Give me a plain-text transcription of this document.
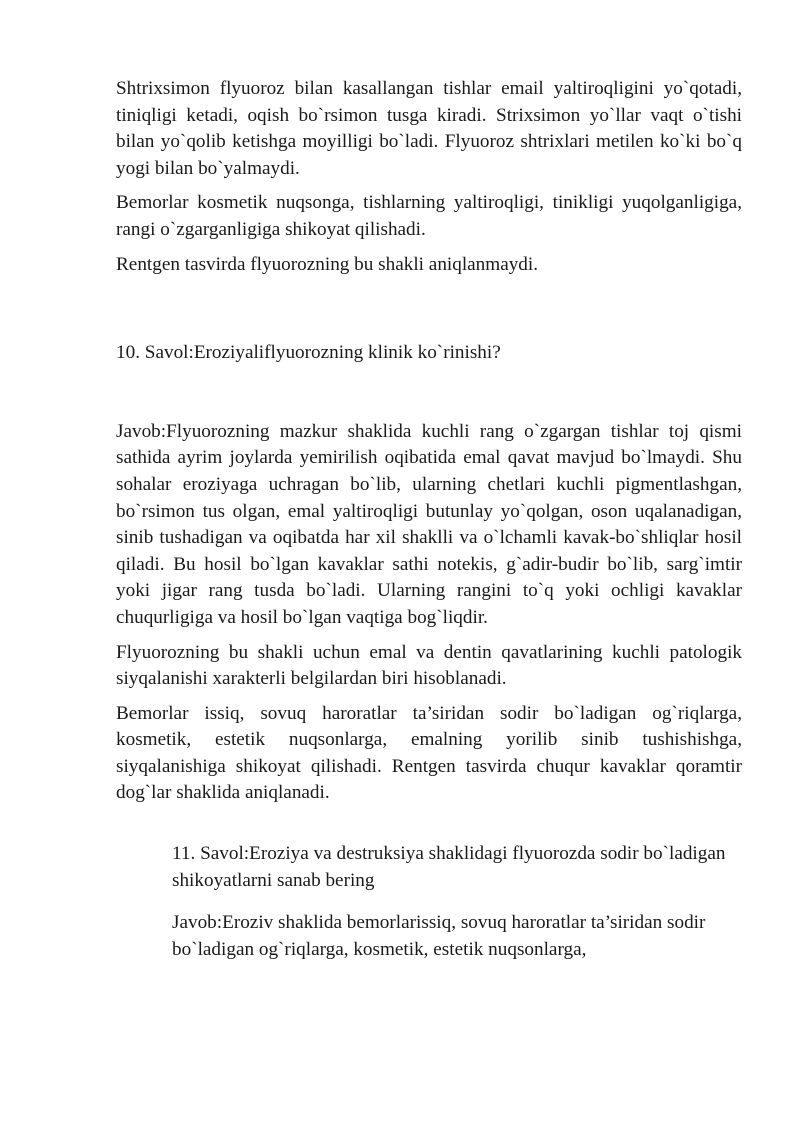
Shtrixsimon flyuoroz bilan kasallangan tishlar email yaltiroqligini yo`qotadi, tiniqligi ketadi, oqish bo`rsimon tusga kiradi. Strixsimon yo`llar vaqt o`tishi bilan yo`qolib ketishga moyilligi bo`ladi. Flyuoroz shtrixlari metilen ko`ki bo`q yogi bilan bo`yalmaydi.

Bemorlar kosmetik nuqsonga, tishlarning yaltiroqligi, tinikligi yuqolganligiga, rangi o`zgarganligiga shikoyat qilishadi.

Rentgen tasvirda flyuorozning bu shakli aniqlanmaydi.

10. Savol:Eroziyaliflyuorozning klinik ko`rinishi?

Javob:Flyuorozning mazkur shaklida kuchli rang o`zgargan tishlar toj qismi sathida ayrim joylarda yemirilish oqibatida emal qavat mavjud bo`lmaydi. Shu sohalar eroziyaga uchragan bo`lib, ularning chetlari kuchli pigmentlashgan, bo`rsimon tus olgan, emal yaltiroqligi butunlay yo`qolgan, oson uqalanadigan, sinib tushadigan va oqibatda har xil shaklli va o`lchamli kavak-bo`shliqlar hosil qiladi. Bu hosil bo`lgan kavaklar sathi notekis, g`adir-budir bo`lib, sarg`imtir yoki jigar rang tusda bo`ladi. Ularning rangini to`q yoki ochligi kavaklar chuqurligiga va hosil bo`lgan vaqtiga bog`liqdir.

Flyuorozning bu shakli uchun emal va dentin qavatlarining kuchli patologik siyqalanishi xarakterli belgilardan biri hisoblanadi.

Bemorlar issiq, sovuq haroratlar ta’siridan sodir bo`ladigan og`riqlarga, kosmetik, estetik nuqsonlarga, emalning yorilib sinib tushishishga, siyqalanishiga shikoyat qilishadi. Rentgen tasvirda chuqur kavaklar qoramtir dog`lar shaklida aniqlanadi.

11. Savol:Eroziya va destruksiya shaklidagi flyuorozda sodir bo`ladigan shikoyatlarni sanab bering

Javob:Eroziv shaklida bemorlarissiq, sovuq haroratlar ta’siridan sodir bo`ladigan og`riqlarga, kosmetik, estetik nuqsonlarga,
